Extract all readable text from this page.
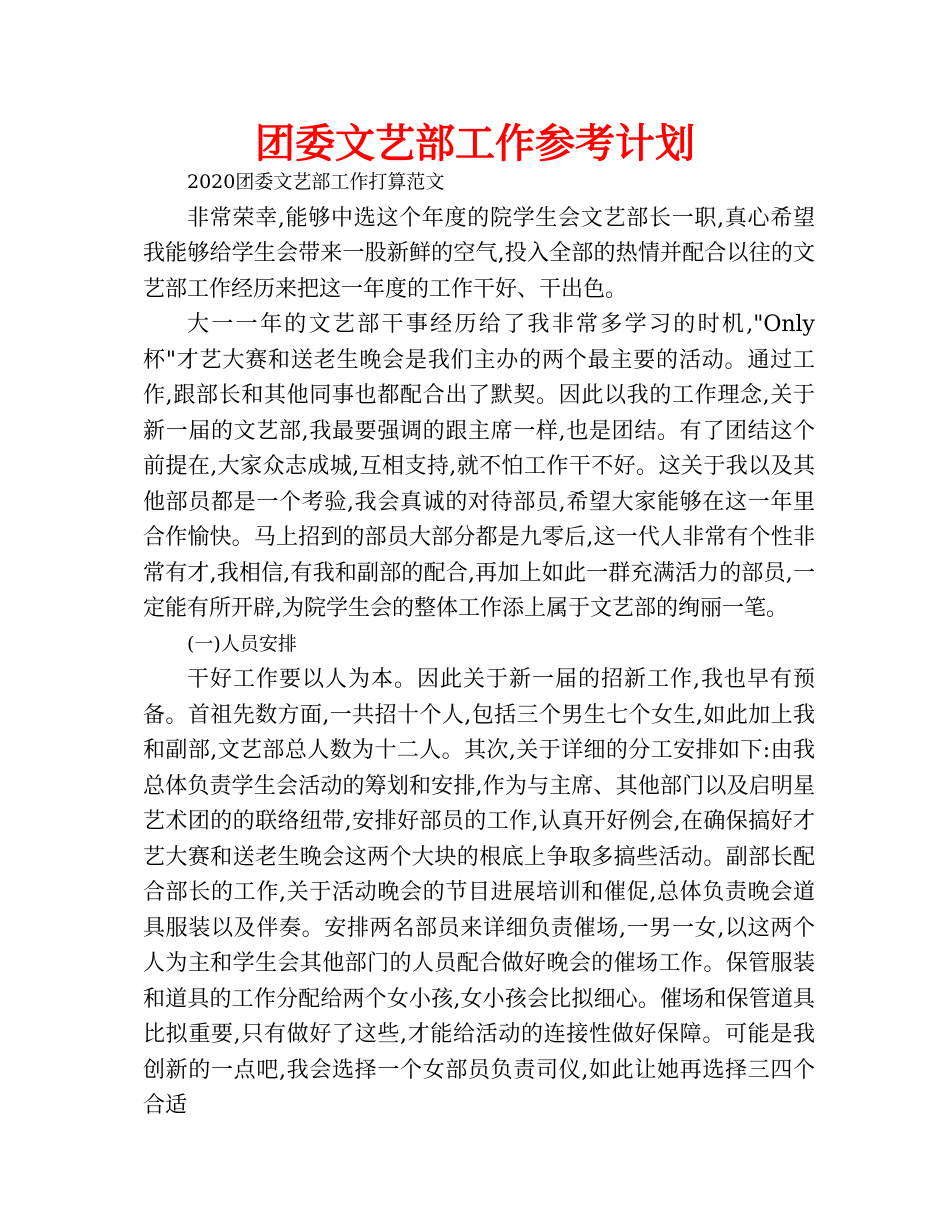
团委文艺部工作参考计划

2020团委文艺部工作打算范文

非常荣幸,能够中选这个年度的院学生会文艺部长一职,真心希望我能够给学生会带来一股新鲜的空气,投入全部的热情并配合以往的文艺部工作经历来把这一年度的工作干好、干出色。

大一一年的文艺部干事经历给了我非常多学习的时机,"Only杯"才艺大赛和送老生晚会是我们主办的两个最主要的活动。通过工作,跟部长和其他同事也都配合出了默契。因此以我的工作理念,关于新一届的文艺部,我最要强调的跟主席一样,也是团结。有了团结这个前提在,大家众志成城,互相支持,就不怕工作干不好。这关于我以及其他部员都是一个考验,我会真诚的对待部员,希望大家能够在这一年里合作愉快。马上招到的部员大部分都是九零后,这一代人非常有个性非常有才,我相信,有我和副部的配合,再加上如此一群充满活力的部员,一定能有所开辟,为院学生会的整体工作添上属于文艺部的绚丽一笔。

(一)人员安排

干好工作要以人为本。因此关于新一届的招新工作,我也早有预备。首祖先数方面,一共招十个人,包括三个男生七个女生,如此加上我和副部,文艺部总人数为十二人。其次,关于详细的分工安排如下:由我总体负责学生会活动的筹划和安排,作为与主席、其他部门以及启明星艺术团的的联络纽带,安排好部员的工作,认真开好例会,在确保搞好才艺大赛和送老生晚会这两个大块的根底上争取多搞些活动。副部长配合部长的工作,关于活动晚会的节目进展培训和催促,总体负责晚会道具服装以及伴奏。安排两名部员来详细负责催场,一男一女,以这两个人为主和学生会其他部门的人员配合做好晚会的催场工作。保管服装和道具的工作分配给两个女小孩,女小孩会比拟细心。催场和保管道具比拟重要,只有做好了这些,才能给活动的连接性做好保障。可能是我创新的一点吧,我会选择一个女部员负责司仪,如此让她再选择三四个合适
